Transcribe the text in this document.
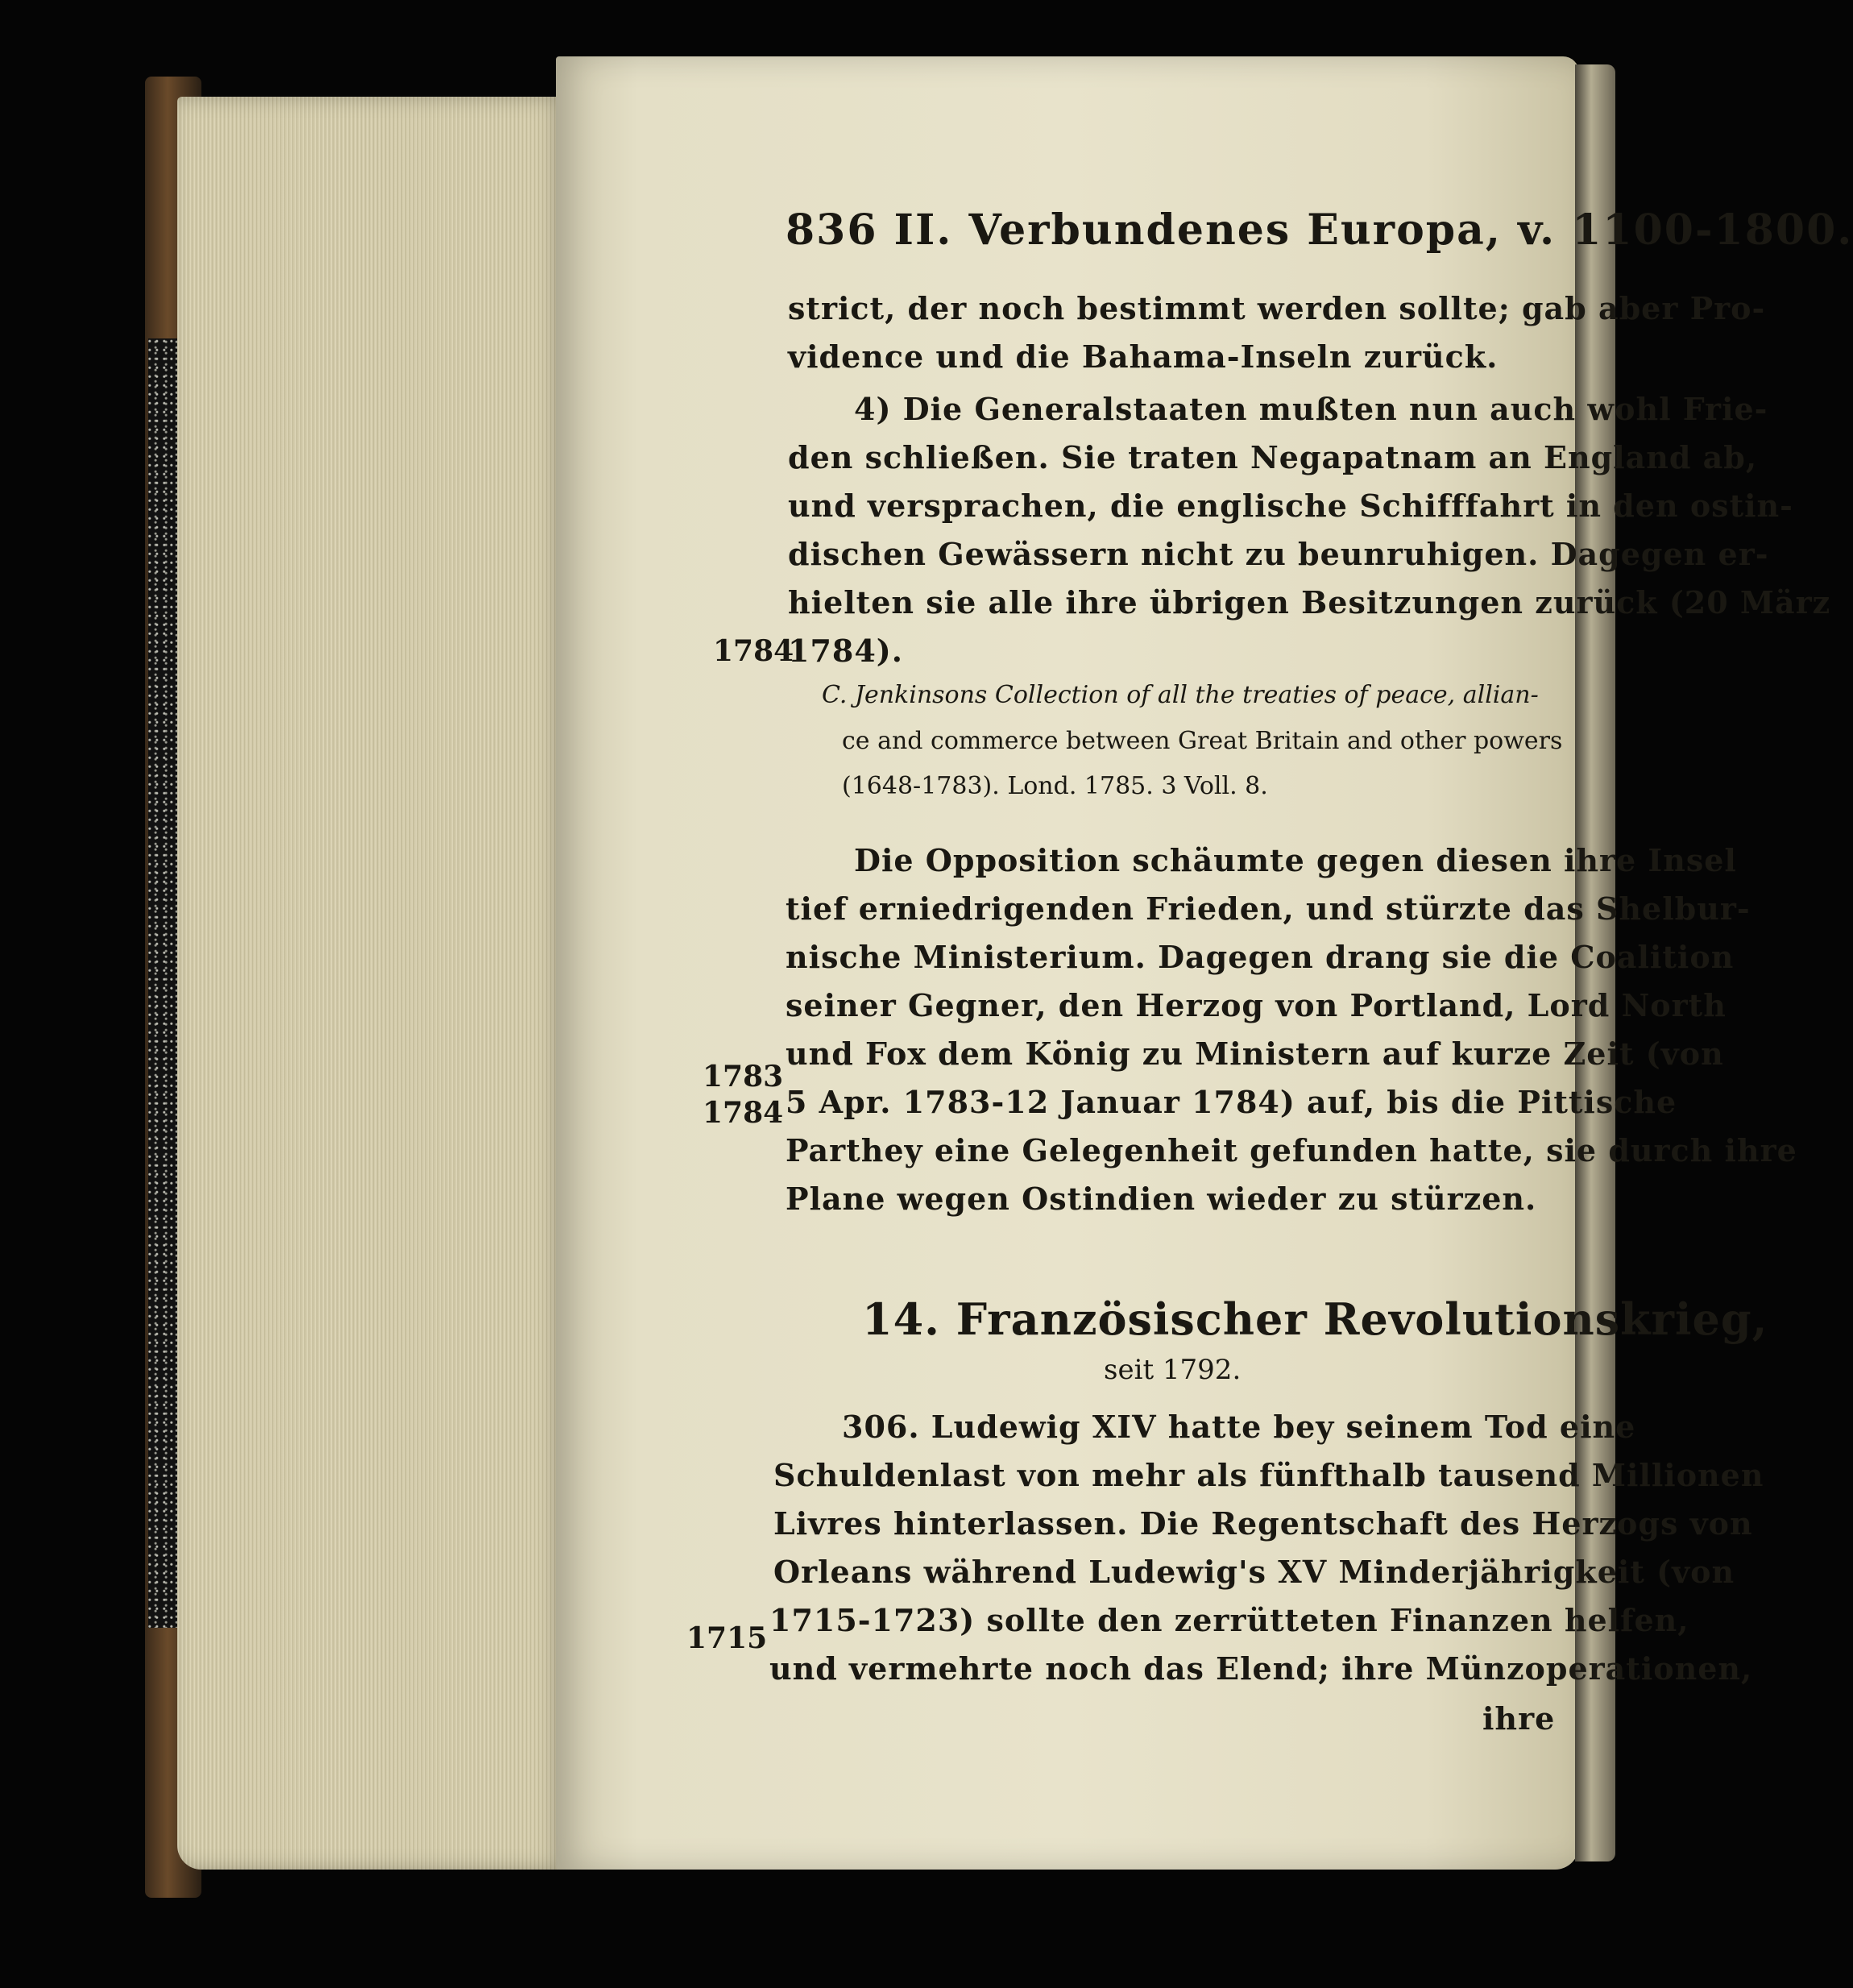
836 II. Verbundenes Europa, v. 1100-1800.
strict, der noch bestimmt werden sollte; gab aber Pro-
vidence und die Bahama-Inseln zurück.
4) Die Generalstaaten mußten nun auch wohl Frie-
den schließen. Sie traten Negapatnam an England ab,
und versprachen, die englische Schifffahrt in den ostin-
dischen Gewässern nicht zu beunruhigen. Dagegen er-
hielten sie alle ihre übrigen Besitzungen zurück (20 März
1784).
1784
C. Jenkinsons Collection of all the treaties of peace, allian-
ce and commerce between Great Britain and other powers
(1648-1783). Lond. 1785. 3 Voll. 8.
Die Opposition schäumte gegen diesen ihre Insel
tief erniedrigenden Frieden, und stürzte das Shelbur-
nische Ministerium. Dagegen drang sie die Coalition
seiner Gegner, den Herzog von Portland, Lord North
und Fox dem König zu Ministern auf kurze Zeit (von
5 Apr. 1783-12 Januar 1784) auf, bis die Pittische
Parthey eine Gelegenheit gefunden hatte, sie durch ihre
Plane wegen Ostindien wieder zu stürzen.
1783
1784
14. Französischer Revolutionskrieg,
seit 1792.
306. Ludewig XIV hatte bey seinem Tod eine
Schuldenlast von mehr als fünfthalb tausend Millionen
Livres hinterlassen. Die Regentschaft des Herzogs von
Orleans während Ludewig's XV Minderjährigkeit (von
1715-1723) sollte den zerrütteten Finanzen helfen,
und vermehrte noch das Elend; ihre Münzoperationen,
ihre
1715
